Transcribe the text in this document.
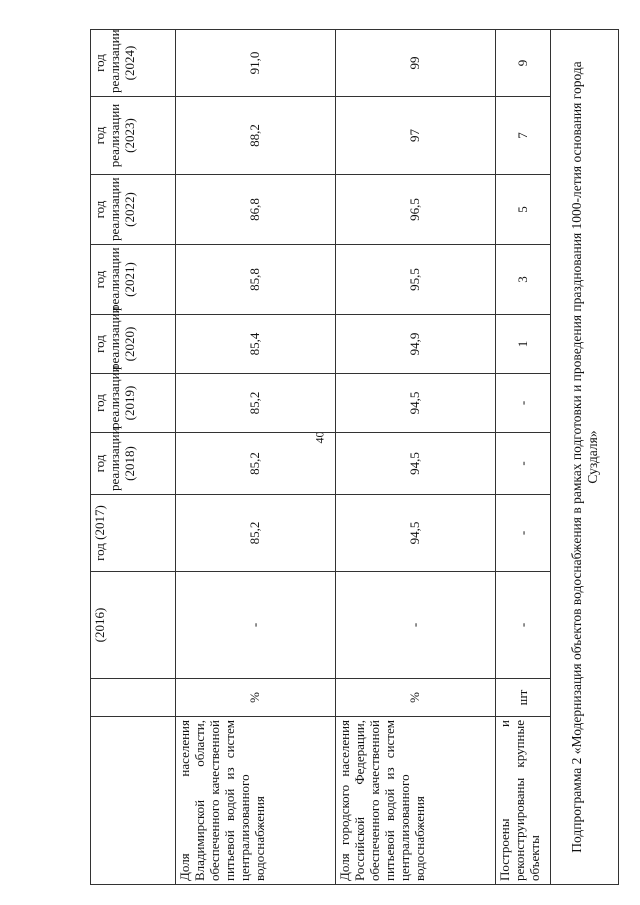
40
		(2016)	год (2017)	год реализации (2018)	год реализации (2019)	год реализации (2020)	год реализации (2021)	год реализации (2022)	год реализации (2023)	год реализации (2024)
Доля населения Владимирской области, обеспеченного качественной питьевой водой из систем централизованного водоснабжения	%	-	85,2	85,2	85,2	85,4	85,8	86,8	88,2	91,0
Доля городского населения Российской Федерации, обеспеченного качественной питьевой водой из систем централизованного водоснабжения	%	-	94,5	94,5	94,5	94,9	95,5	96,5	97	99
Построены и реконструированы крупные объекты	шт	-	-	-	-	1	3	5	7	9
Подпрограмма 2 «Модернизация объектов водоснабжения в рамках подготовки и проведения празднования 1000-летия основания города Суздаля»										
